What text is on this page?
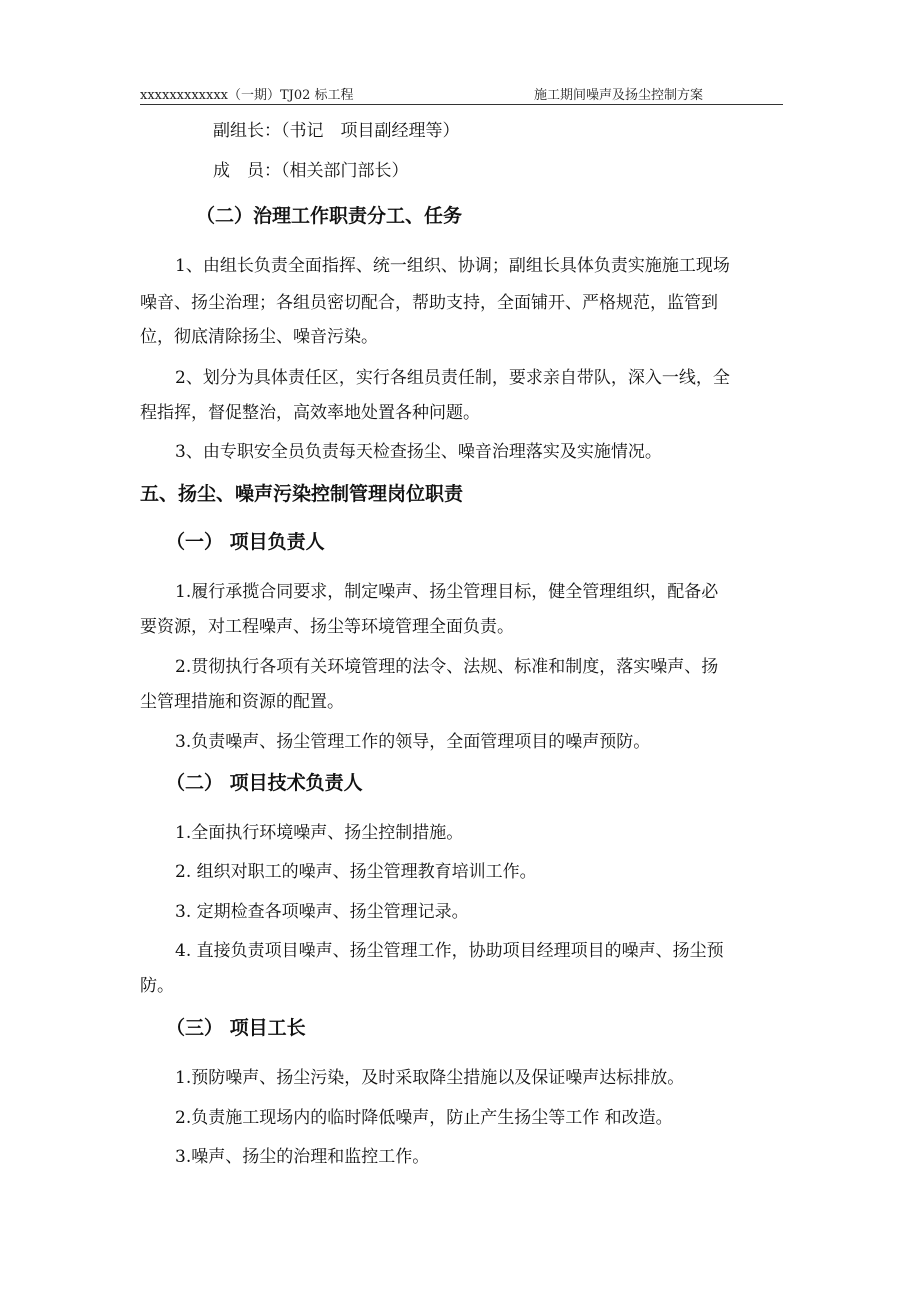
xxxxxxxxxxxx（一期）TJ02 标工程	施工期间噪声及扬尘控制方案
副组长：（书记　项目副经理等）
成　员：（相关部门部长）
（二）治理工作职责分工、任务
1、由组长负责全面指挥、统一组织、协调；副组长具体负责实施施工现场
噪音、扬尘治理；各组员密切配合，帮助支持，全面铺开、严格规范，监管到
位，彻底清除扬尘、噪音污染。
2、划分为具体责任区，实行各组员责任制，要求亲自带队，深入一线，全
程指挥，督促整治，高效率地处置各种问题。
3、由专职安全员负责每天检查扬尘、噪音治理落实及实施情况。
五、扬尘、噪声污染控制管理岗位职责
（一） 项目负责人
1.履行承揽合同要求，制定噪声、扬尘管理目标，健全管理组织，配备必
要资源，对工程噪声、扬尘等环境管理全面负责。
2.贯彻执行各项有关环境管理的法令、法规、标准和制度，落实噪声、扬
尘管理措施和资源的配置。
3.负责噪声、扬尘管理工作的领导，全面管理项目的噪声预防。
（二） 项目技术负责人
1.全面执行环境噪声、扬尘控制措施。
2. 组织对职工的噪声、扬尘管理教育培训工作。
3. 定期检查各项噪声、扬尘管理记录。
4. 直接负责项目噪声、扬尘管理工作，协助项目经理项目的噪声、扬尘预
防。
（三） 项目工长
1.预防噪声、扬尘污染，及时采取降尘措施以及保证噪声达标排放。
2.负责施工现场内的临时降低噪声，防止产生扬尘等工作 和改造。
3.噪声、扬尘的治理和监控工作。
